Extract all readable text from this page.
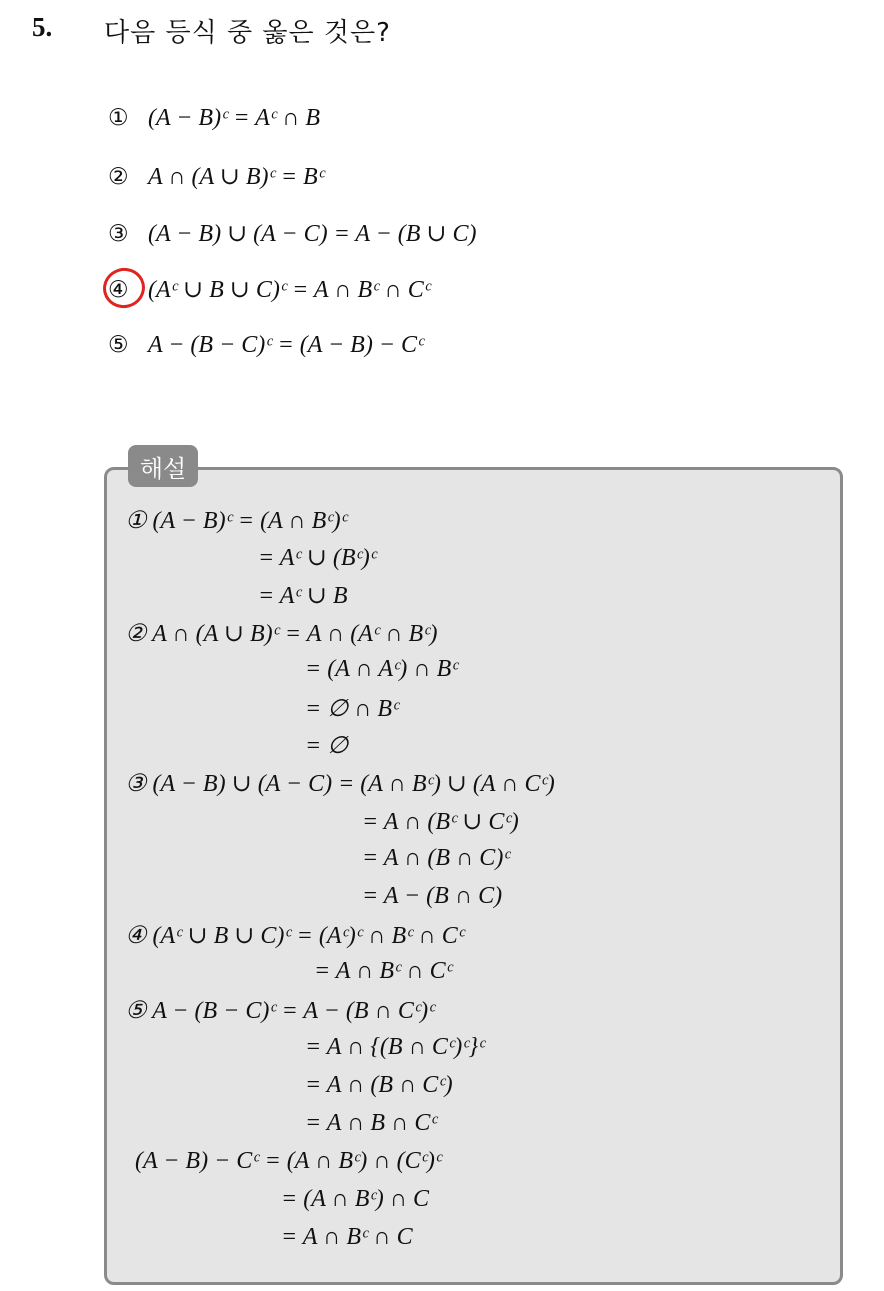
5. 다음 등식 중 옳은 것은?
① (A − B)ᶜ = Aᶜ ∩ B
② A ∩ (A ∪ B)ᶜ = Bᶜ
③ (A − B) ∪ (A − C) = A − (B ∪ C)
④ (Aᶜ ∪ B ∪ C)ᶜ = A ∩ Bᶜ ∩ Cᶜ
⑤ A − (B − C)ᶜ = (A − B) − Cᶜ
해설
① (A − B)ᶜ = (A ∩ Bᶜ)ᶜ
= Aᶜ ∪ (Bᶜ)ᶜ
= Aᶜ ∪ B
② A ∩ (A ∪ B)ᶜ = A ∩ (Aᶜ ∩ Bᶜ)
= (A ∩ Aᶜ) ∩ Bᶜ
= ∅ ∩ Bᶜ
= ∅
③ (A − B) ∪ (A − C) = (A ∩ Bᶜ) ∪ (A ∩ Cᶜ)
= A ∩ (Bᶜ ∪ Cᶜ)
= A ∩ (B ∩ C)ᶜ
= A − (B ∩ C)
④ (Aᶜ ∪ B ∪ C)ᶜ = (Aᶜ)ᶜ ∩ Bᶜ ∩ Cᶜ
= A ∩ Bᶜ ∩ Cᶜ
⑤ A − (B − C)ᶜ = A − (B ∩ Cᶜ)ᶜ
= A ∩ {(B ∩ Cᶜ)ᶜ}ᶜ
= A ∩ (B ∩ Cᶜ)
= A ∩ B ∩ Cᶜ
(A − B) − Cᶜ = (A ∩ Bᶜ) ∩ (Cᶜ)ᶜ
= (A ∩ Bᶜ) ∩ C
= A ∩ Bᶜ ∩ C
